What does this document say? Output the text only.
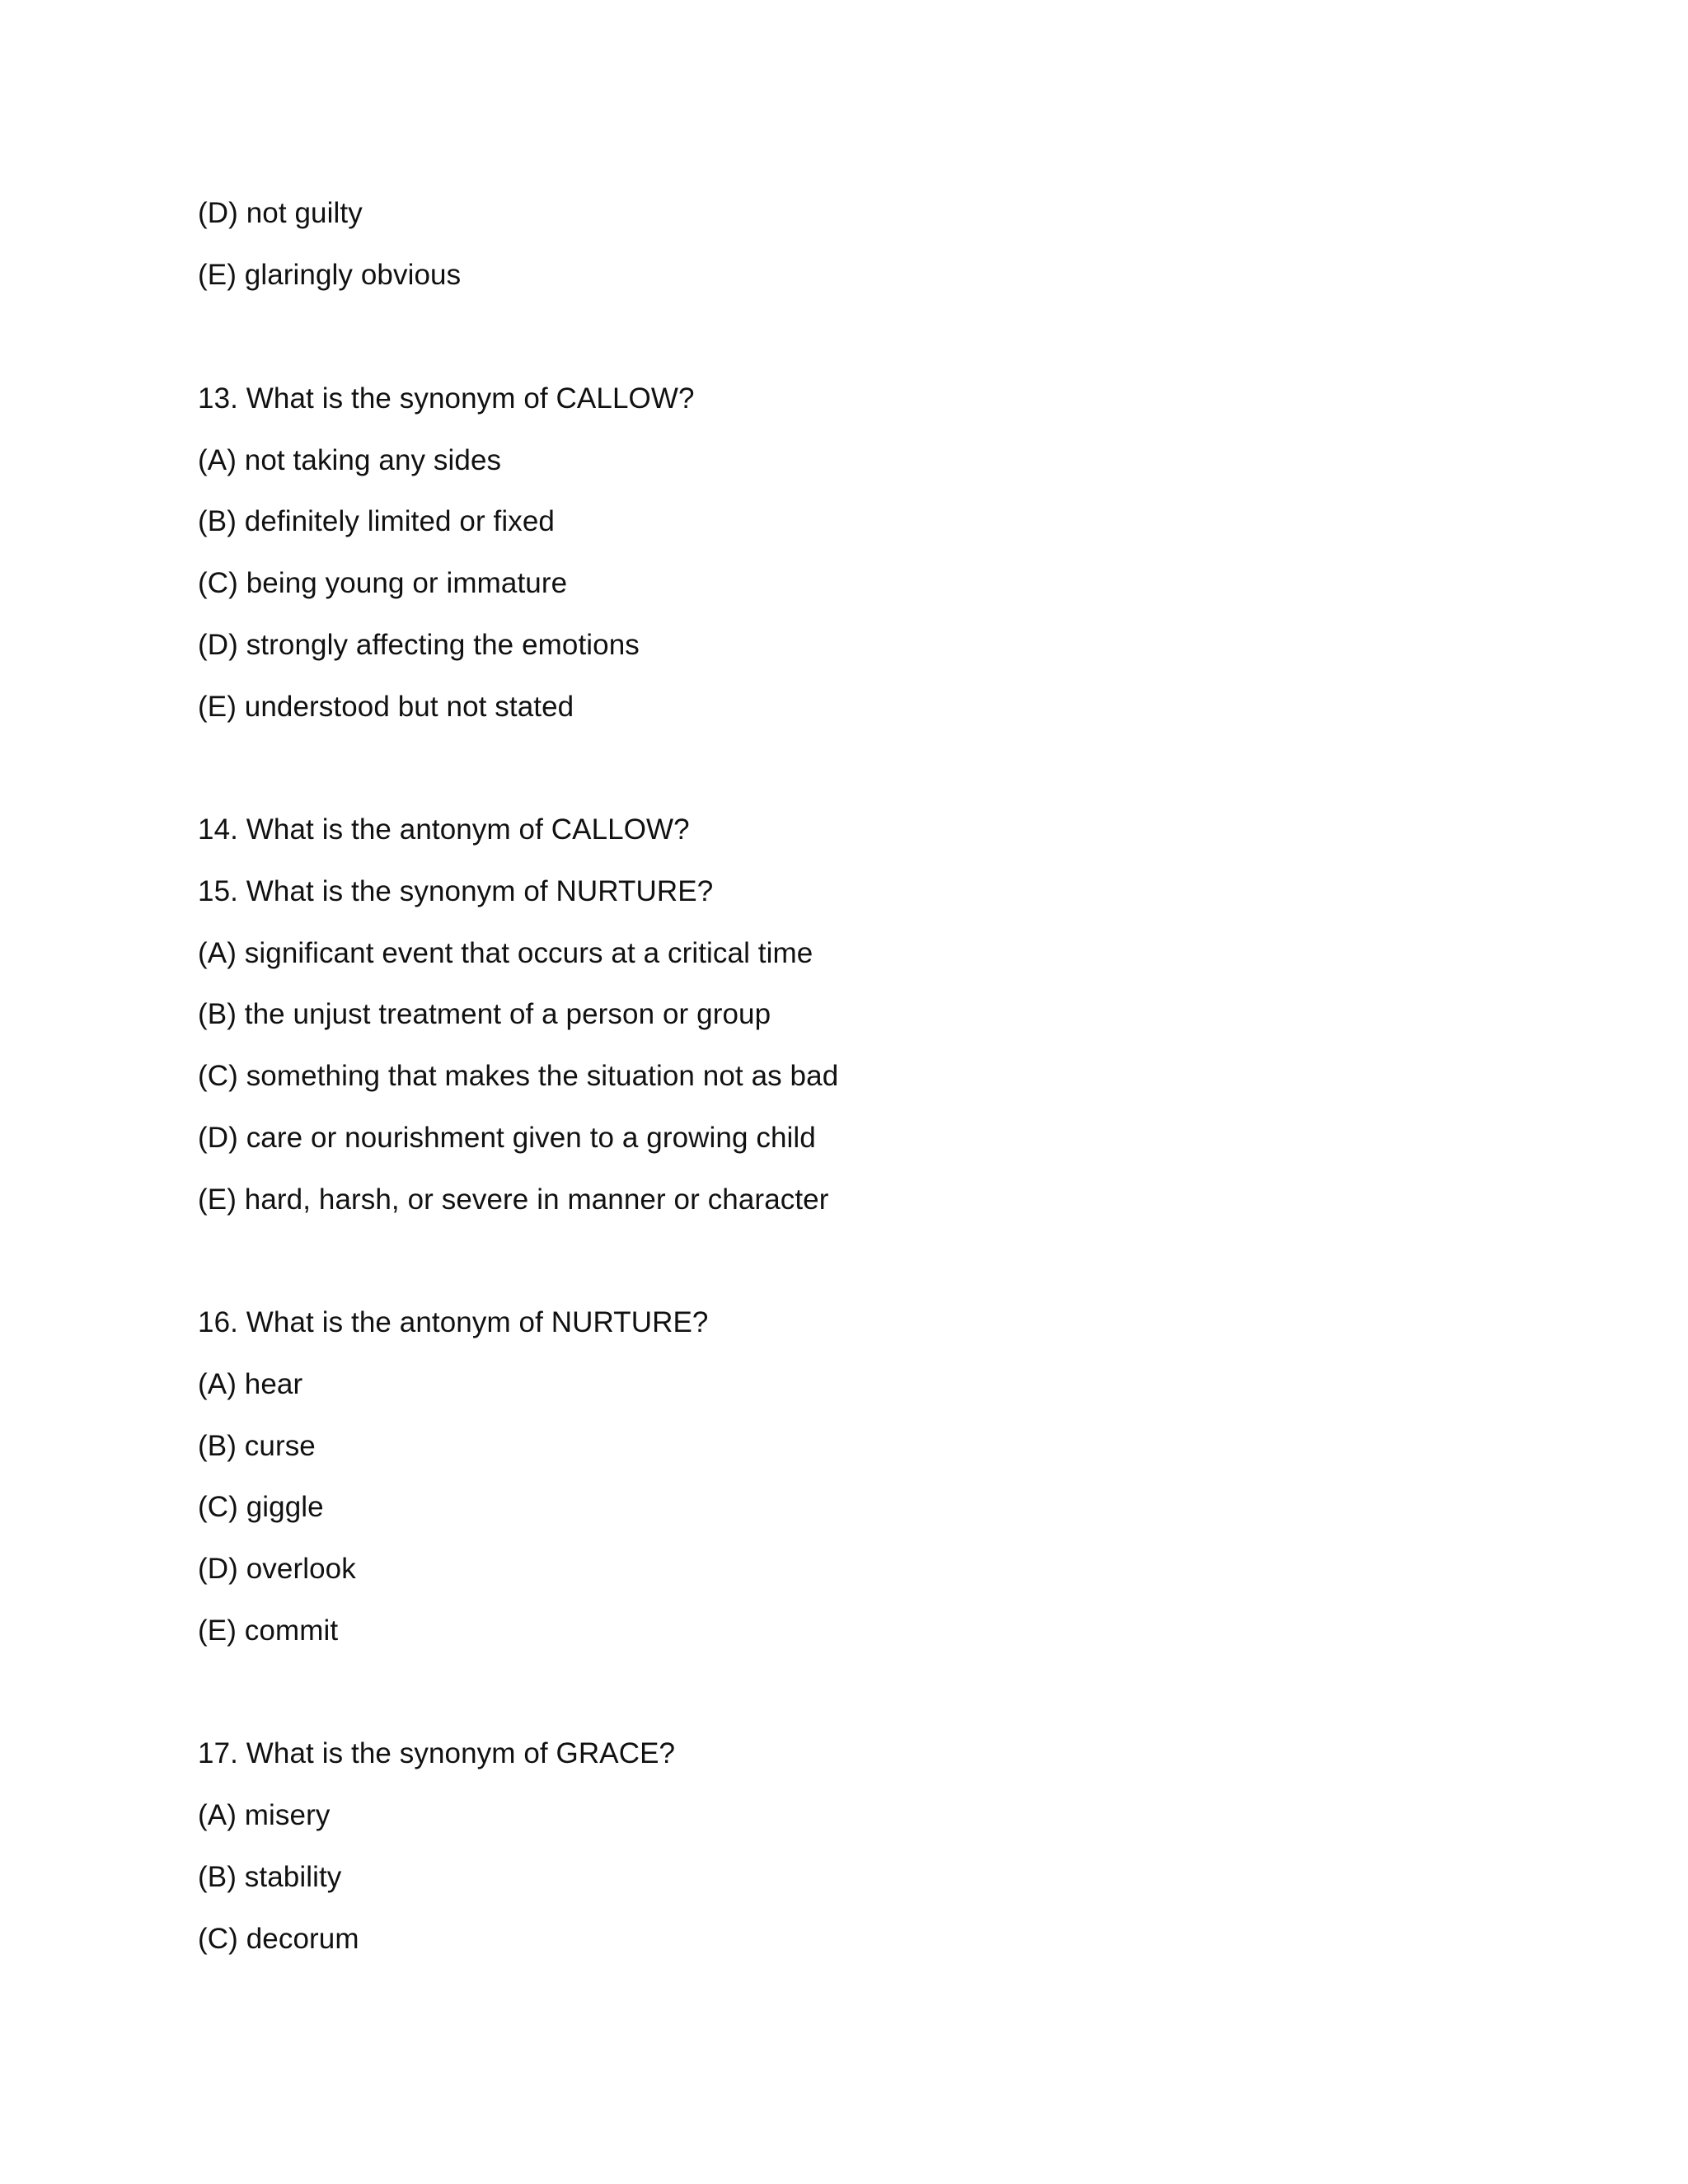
(D) not guilty
(E) glaringly obvious
13. What is the synonym of CALLOW?
(A) not taking any sides
(B) definitely limited or fixed
(C) being young or immature
(D) strongly affecting the emotions
(E) understood but not stated
14. What is the antonym of CALLOW?
15. What is the synonym of NURTURE?
(A) significant event that occurs at a critical time
(B) the unjust treatment of a person or group
(C) something that makes the situation not as bad
(D) care or nourishment given to a growing child
(E) hard, harsh, or severe in manner or character
16. What is the antonym of NURTURE?
(A) hear
(B) curse
(C) giggle
(D) overlook
(E) commit
17. What is the synonym of GRACE?
(A) misery
(B) stability
(C) decorum
